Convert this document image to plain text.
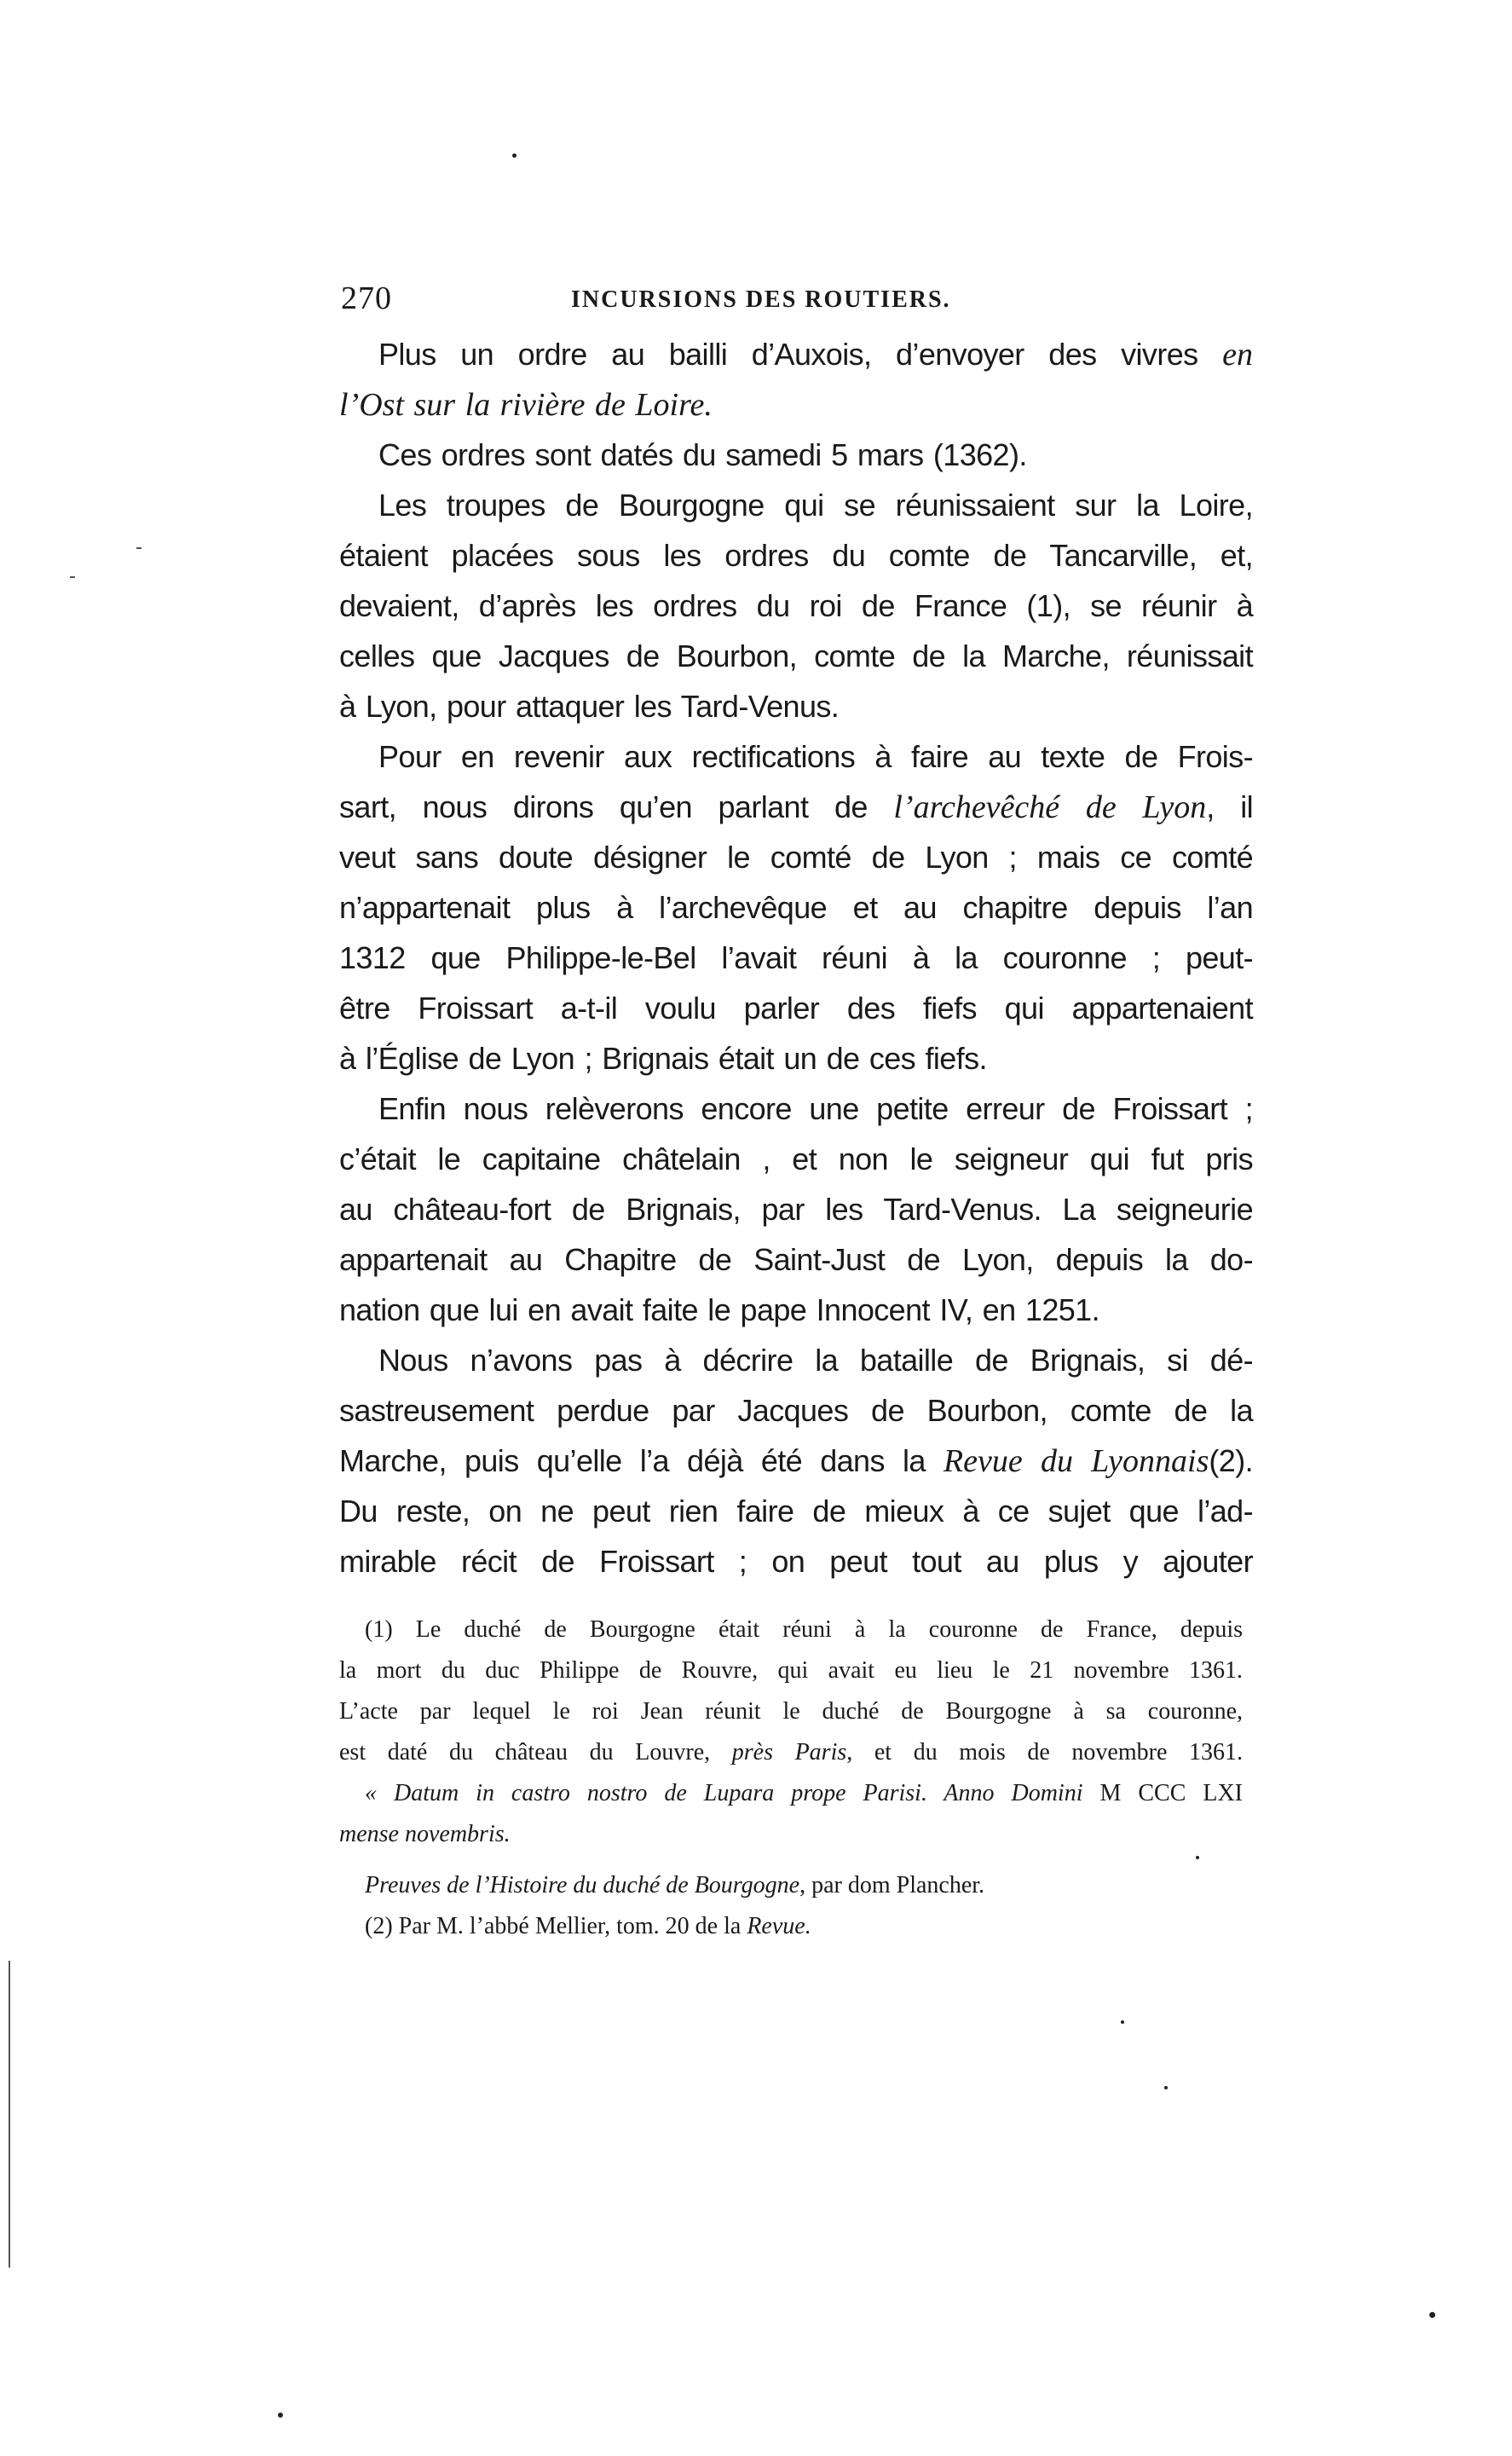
270	INCURSIONS DES ROUTIERS.
Plus un ordre au bailli d’Auxois, d’envoyer des vivres en
l’Ost sur la rivière de Loire.
Ces ordres sont datés du samedi 5 mars (1362).
Les troupes de Bourgogne qui se réunissaient sur la Loire,
étaient placées sous les ordres du comte de Tancarville, et,
devaient, d’après les ordres du roi de France (1), se réunir à
celles que Jacques de Bourbon, comte de la Marche, réunissait
à Lyon, pour attaquer les Tard-Venus.
Pour en revenir aux rectifications à faire au texte de Frois-
sart, nous dirons qu’en parlant de l’archevêché de Lyon, il
veut sans doute désigner le comté de Lyon ; mais ce comté
n’appartenait plus à l’archevêque et au chapitre depuis l’an
1312 que Philippe-le-Bel l’avait réuni à la couronne ; peut-
être Froissart a-t-il voulu parler des fiefs qui appartenaient
à l’Église de Lyon ; Brignais était un de ces fiefs.
Enfin nous relèverons encore une petite erreur de Froissart ;
c’était le capitaine châtelain , et non le seigneur qui fut pris
au château-fort de Brignais, par les Tard-Venus. La seigneurie
appartenait au Chapitre de Saint-Just de Lyon, depuis la do-
nation que lui en avait faite le pape Innocent IV, en 1251.
Nous n’avons pas à décrire la bataille de Brignais, si dé-
sastreusement perdue par Jacques de Bourbon, comte de la
Marche, puis qu’elle l’a déjà été dans la Revue du Lyonnais(2).
Du reste, on ne peut rien faire de mieux à ce sujet que l’ad-
mirable récit de Froissart ; on peut tout au plus y ajouter
(1) Le duché de Bourgogne était réuni à la couronne de France, depuis
la mort du duc Philippe de Rouvre, qui avait eu lieu le 21 novembre 1361.
L’acte par lequel le roi Jean réunit le duché de Bourgogne à sa couronne,
est daté du château du Louvre, près Paris, et du mois de novembre 1361.
« Datum in castro nostro de Lupara prope Parisi. Anno Domini M CCC LXI
mense novembris.
Preuves de l’Histoire du duché de Bourgogne, par dom Plancher.
(2) Par M. l’abbé Mellier, tom. 20 de la Revue.
